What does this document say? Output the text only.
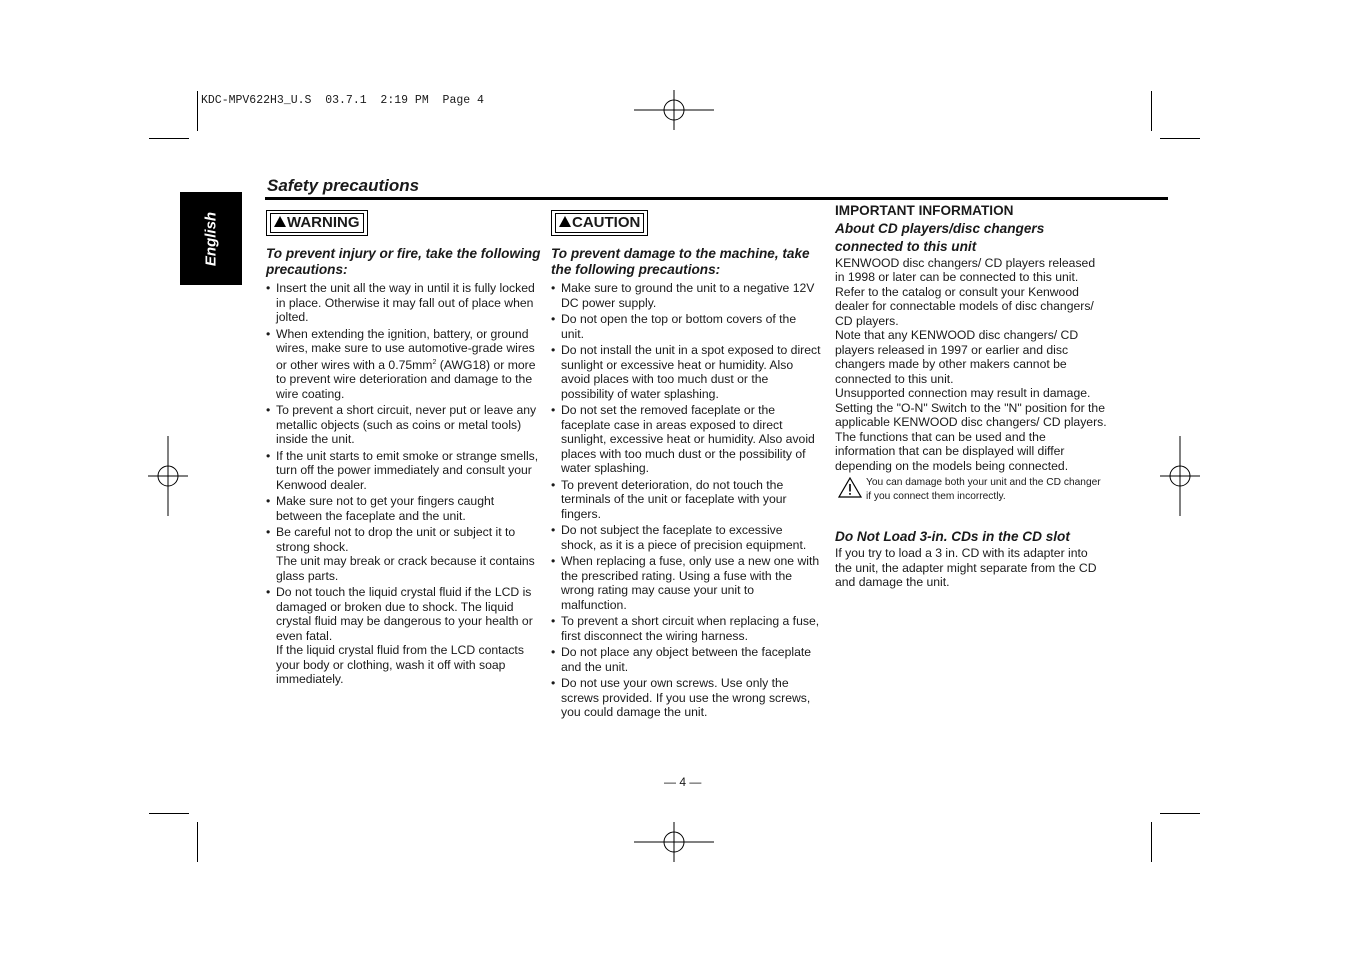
KDC-MPV622H3_U.S  03.7.1  2:19 PM  Page 4
English
Safety precautions
WARNING

To prevent injury or fire, take the following precautions:

• Insert the unit all the way in until it is fully locked in place. Otherwise it may fall out of place when jolted.
• When extending the ignition, battery, or ground wires, make sure to use automotive-grade wires or other wires with a $0.75mm^2$ (AWG18) or more to prevent wire deterioration and damage to the wire coating.
• To prevent a short circuit, never put or leave any metallic objects (such as coins or metal tools) inside the unit.
• If the unit starts to emit smoke or strange smells, turn off the power immediately and consult your Kenwood dealer.
• Make sure not to get your fingers caught between the faceplate and the unit.
• Be careful not to drop the unit or subject it to strong shock.
The unit may break or crack because it contains glass parts.
• Do not touch the liquid crystal fluid if the LCD is damaged or broken due to shock. The liquid crystal fluid may be dangerous to your health or even fatal.
If the liquid crystal fluid from the LCD contacts your body or clothing, wash it off with soap immediately.
CAUTION

To prevent damage to the machine, take the following precautions:

• Make sure to ground the unit to a negative 12V DC power supply.
• Do not open the top or bottom covers of the unit.
• Do not install the unit in a spot exposed to direct sunlight or excessive heat or humidity. Also avoid places with too much dust or the possibility of water splashing.
• Do not set the removed faceplate or the faceplate case in areas exposed to direct sunlight, excessive heat or humidity. Also avoid places with too much dust or the possibility of water splashing.
• To prevent deterioration, do not touch the terminals of the unit or faceplate with your fingers.
• Do not subject the faceplate to excessive shock, as it is a piece of precision equipment.
• When replacing a fuse, only use a new one with the prescribed rating. Using a fuse with the wrong rating may cause your unit to malfunction.
• To prevent a short circuit when replacing a fuse, first disconnect the wiring harness.
• Do not place any object between the faceplate and the unit.
• Do not use your own screws. Use only the screws provided. If you use the wrong screws, you could damage the unit.

IMPORTANT INFORMATION

About CD players/disc changers connected to this unit

KENWOOD disc changers/ CD players released in 1998 or later can be connected to this unit.

Refer to the catalog or consult your Kenwood dealer for connectable models of disc changers/ CD players.

Note that any KENWOOD disc changers/ CD players released in 1997 or earlier and disc changers made by other makers cannot be connected to this unit.

Unsupported connection may result in damage.

Setting the "O-N" Switch to the "N" position for the applicable KENWOOD disc changers/ CD players.

The functions that can be used and the information that can be displayed will differ depending on the models being connected.

You can damage both your unit and the CD changer if you connect them incorrectly.

Do Not Load 3-in. CDs in the CD slot

If you try to load a 3 in. CD with its adapter into the unit, the adapter might separate from the CD and damage the unit.

— 4 —
